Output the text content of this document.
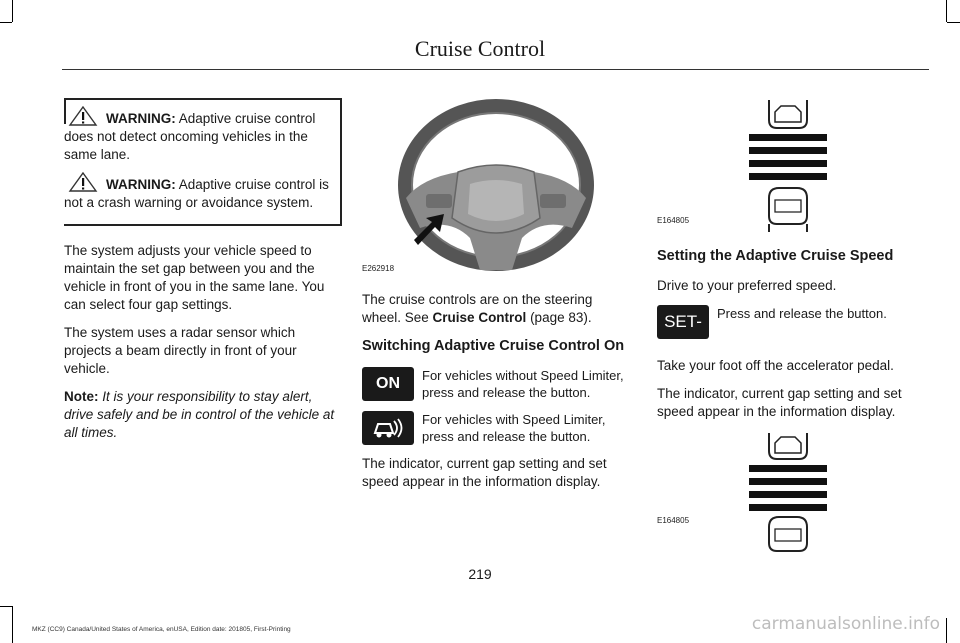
Cruise Control
WARNING: Adaptive cruise control does not detect oncoming vehicles in the same lane.
WARNING: Adaptive cruise control is not a crash warning or avoidance system.

The system adjusts your vehicle speed to maintain the set gap between you and the vehicle in front of you in the same lane. You can select four gap settings.

The system uses a radar sensor which projects a beam directly in front of your vehicle.

Note: It is your responsibility to stay alert, drive safely and be in control of the vehicle at all times.

E262918

The cruise controls are on the steering wheel. See Cruise Control (page 83).

Switching Adaptive Cruise Control On
ON	For vehicles without Speed Limiter, press and release the button.

For vehicles with Speed Limiter, press and release the button.

The indicator, current gap setting and set speed appear in the information display.

E164805
Setting the Adaptive Cruise Speed

Drive to your preferred speed.

SET-	Press and release the button.

Take your foot off the accelerator pedal.

The indicator, current gap setting and set speed appear in the information display.

E164805
219
MKZ (CC9) Canada/United States of America, enUSA, Edition date: 201805, First-Printing	carmanualsonline.info
